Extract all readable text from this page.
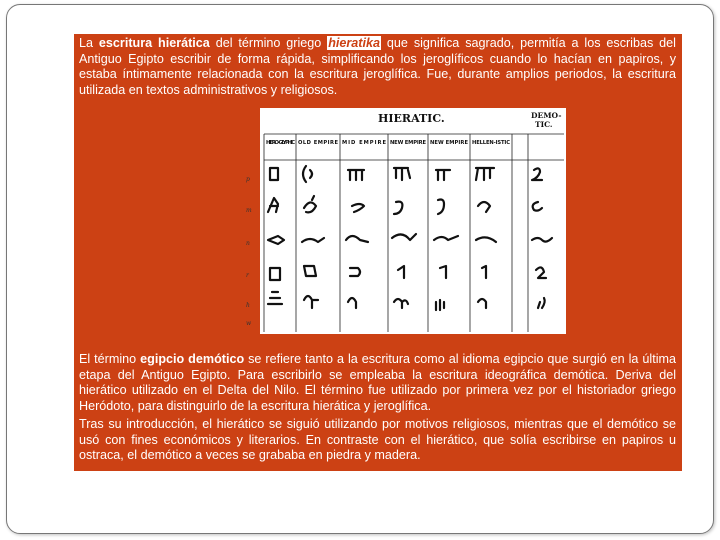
La escritura hierática del término griego hieratika que significa sagrado, permitía a los escribas del Antiguo Egipto escribir de forma rápida, simplificando los jeroglíficos cuando lo hacían en papiros, y estaba íntimamente relacionada con la escritura jeroglífica. Fue, durante amplios periodos, la escritura utilizada en textos administrativos y religiosos.

HIERATIC.	DEMO-
TIC.
HIERO-GLYPHIC OLD EMPIRE MID EMPIRE NEW EMPIRE NEW EMPIRE HELLEN-ISTIC
p
m
n
r
h
w

El término egipcio demótico se refiere tanto a la escritura como al idioma egipcio que surgió en la última etapa del Antiguo Egipto. Para escribirlo se empleaba la escritura ideográfica demótica. Deriva del hierático utilizado en el Delta del Nilo. El término fue utilizado por primera vez por el historiador griego Heródoto, para distinguirlo de la escritura hierática y jeroglífica.

Tras su introducción, el hierático se siguió utilizando por motivos religiosos, mientras que el demótico se usó con fines económicos y literarios. En contraste con el hierático, que solía escribirse en papiros u ostraca, el demótico a veces se grababa en piedra y madera.
